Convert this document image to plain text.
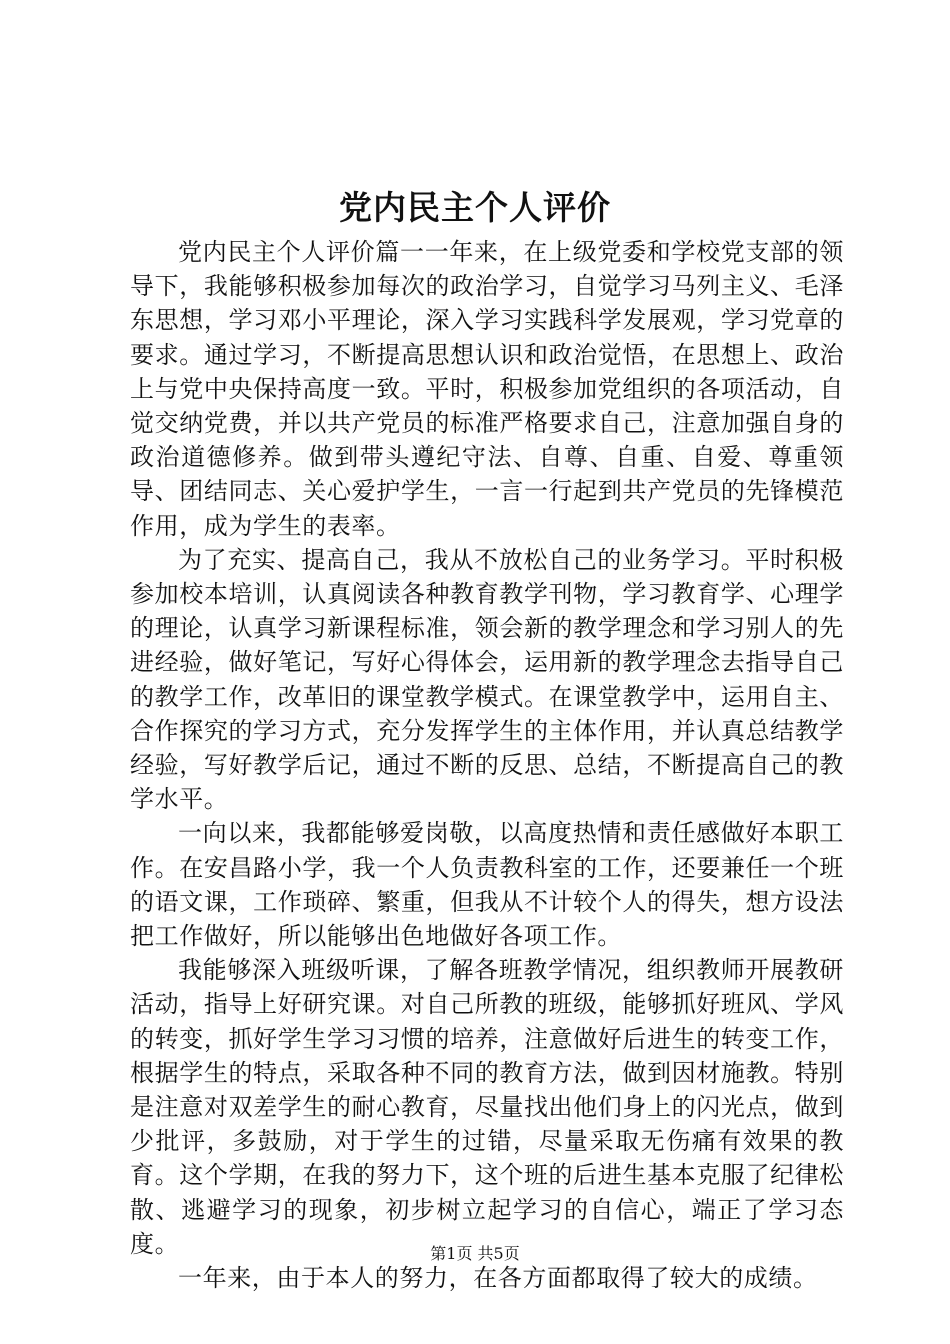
党内民主个人评价

党内民主个人评价篇一一年来，在上级党委和学校党支部的领导下，我能够积极参加每次的政治学习，自觉学习马列主义、毛泽东思想，学习邓小平理论，深入学习实践科学发展观，学习党章的要求。通过学习，不断提高思想认识和政治觉悟，在思想上、政治上与党中央保持高度一致。平时，积极参加党组织的各项活动，自觉交纳党费，并以共产党员的标准严格要求自己，注意加强自身的政治道德修养。做到带头遵纪守法、自尊、自重、自爱、尊重领导、团结同志、关心爱护学生，一言一行起到共产党员的先锋模范作用，成为学生的表率。

为了充实、提高自己，我从不放松自己的业务学习。平时积极参加校本培训，认真阅读各种教育教学刊物，学习教育学、心理学的理论，认真学习新课程标准，领会新的教学理念和学习别人的先进经验，做好笔记，写好心得体会，运用新的教学理念去指导自己的教学工作，改革旧的课堂教学模式。在课堂教学中，运用自主、合作探究的学习方式，充分发挥学生的主体作用，并认真总结教学经验，写好教学后记，通过不断的反思、总结，不断提高自己的教学水平。

一向以来，我都能够爱岗敬，以高度热情和责任感做好本职工作。在安昌路小学，我一个人负责教科室的工作，还要兼任一个班的语文课，工作琐碎、繁重，但我从不计较个人的得失，想方设法把工作做好，所以能够出色地做好各项工作。

我能够深入班级听课，了解各班教学情况，组织教师开展教研活动，指导上好研究课。对自己所教的班级，能够抓好班风、学风的转变，抓好学生学习习惯的培养，注意做好后进生的转变工作，根据学生的特点，采取各种不同的教育方法，做到因材施教。特别是注意对双差学生的耐心教育，尽量找出他们身上的闪光点，做到少批评，多鼓励，对于学生的过错，尽量采取无伤痛有效果的教育。这个学期，在我的努力下，这个班的后进生基本克服了纪律松散、逃避学习的现象，初步树立起学习的自信心，端正了学习态度。

一年来，由于本人的努力，在各方面都取得了较大的成绩。

第1页 共5页
